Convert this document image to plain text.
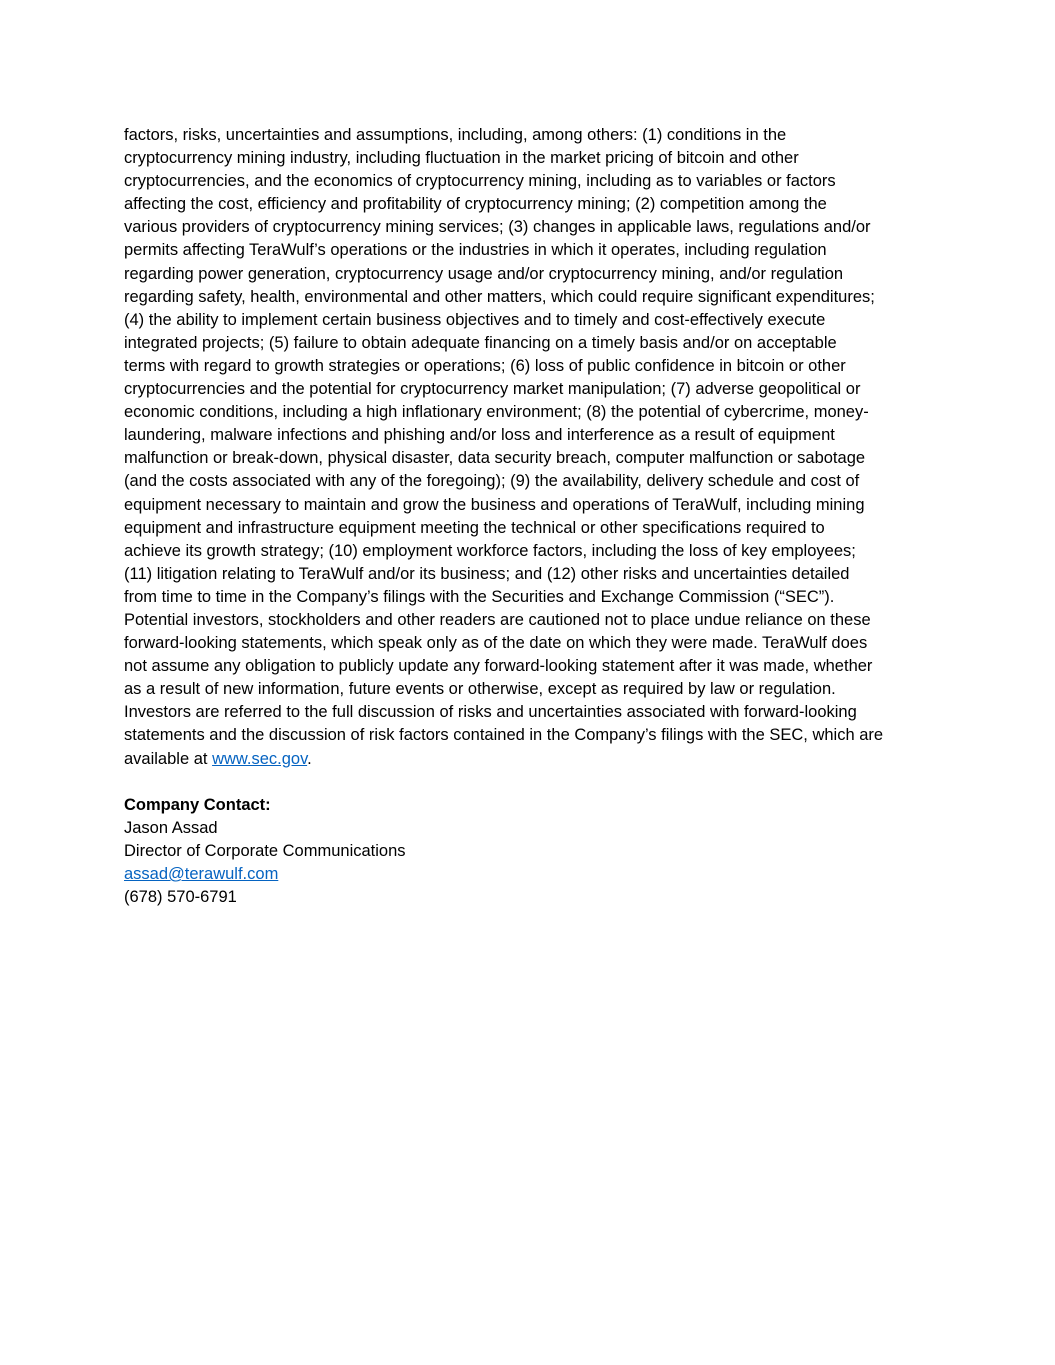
factors, risks, uncertainties and assumptions, including, among others: (1) conditions in the
cryptocurrency mining industry, including fluctuation in the market pricing of bitcoin and other
cryptocurrencies, and the economics of cryptocurrency mining, including as to variables or factors
affecting the cost, efficiency and profitability of cryptocurrency mining; (2) competition among the
various providers of cryptocurrency mining services; (3) changes in applicable laws, regulations and/or
permits affecting TeraWulf’s operations or the industries in which it operates, including regulation
regarding power generation, cryptocurrency usage and/or cryptocurrency mining, and/or regulation
regarding safety, health, environmental and other matters, which could require significant expenditures;
(4) the ability to implement certain business objectives and to timely and cost-effectively execute
integrated projects; (5) failure to obtain adequate financing on a timely basis and/or on acceptable
terms with regard to growth strategies or operations; (6) loss of public confidence in bitcoin or other
cryptocurrencies and the potential for cryptocurrency market manipulation; (7) adverse geopolitical or
economic conditions, including a high inflationary environment; (8) the potential of cybercrime, money-
laundering, malware infections and phishing and/or loss and interference as a result of equipment
malfunction or break-down, physical disaster, data security breach, computer malfunction or sabotage
(and the costs associated with any of the foregoing); (9) the availability, delivery schedule and cost of
equipment necessary to maintain and grow the business and operations of TeraWulf, including mining
equipment and infrastructure equipment meeting the technical or other specifications required to
achieve its growth strategy; (10) employment workforce factors, including the loss of key employees;
(11) litigation relating to TeraWulf and/or its business; and (12) other risks and uncertainties detailed
from time to time in the Company’s filings with the Securities and Exchange Commission (“SEC”).
Potential investors, stockholders and other readers are cautioned not to place undue reliance on these
forward-looking statements, which speak only as of the date on which they were made. TeraWulf does
not assume any obligation to publicly update any forward-looking statement after it was made, whether
as a result of new information, future events or otherwise, except as required by law or regulation.
Investors are referred to the full discussion of risks and uncertainties associated with forward-looking
statements and the discussion of risk factors contained in the Company’s filings with the SEC, which are
available at www.sec.gov.
Company Contact:
Jason Assad
Director of Corporate Communications
assad@terawulf.com
(678) 570-6791
